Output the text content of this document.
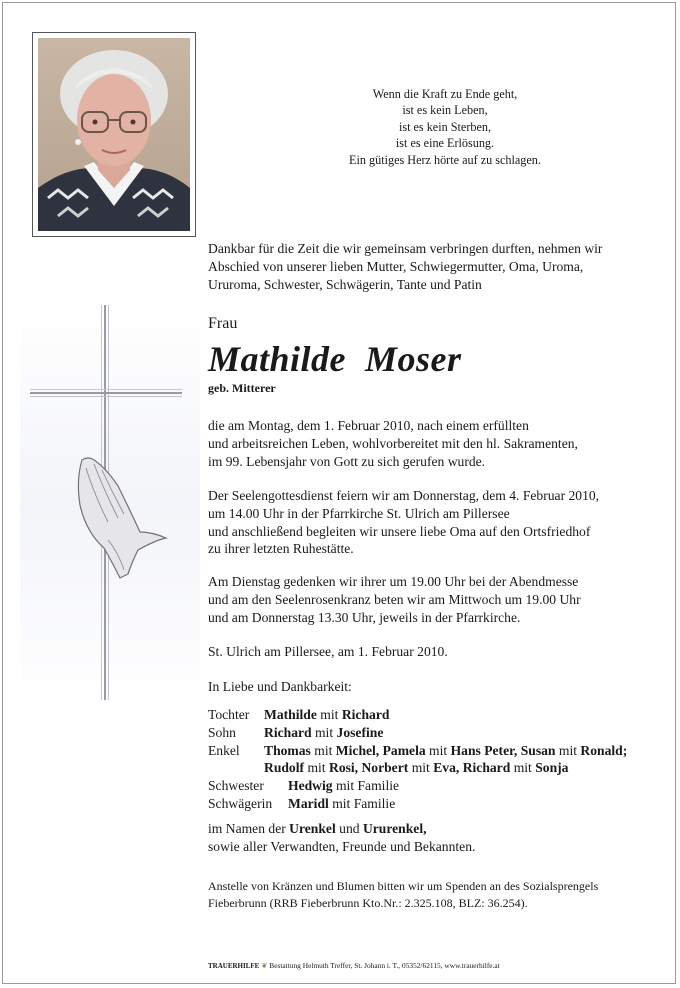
Wenn die Kraft zu Ende geht,
ist es kein Leben,
ist es kein Sterben,
ist es eine Erlösung.
Ein gütiges Herz hörte auf zu schlagen.
Dankbar für die Zeit die wir gemeinsam verbringen durften, nehmen wir
Abschied von unserer lieben Mutter, Schwiegermutter, Oma, Uroma,
Ururoma, Schwester, Schwägerin, Tante und Patin
Frau
Mathilde  Moser
geb. Mitterer
die am Montag, dem 1. Februar 2010, nach einem erfüllten
und arbeitsreichen Leben, wohlvorbereitet mit den hl. Sakramenten,
im 99. Lebensjahr von Gott zu sich gerufen wurde.
Der Seelengottesdienst feiern wir am Donnerstag, dem 4. Februar 2010,
um 14.00 Uhr in der Pfarrkirche St. Ulrich am Pillersee
und anschließend begleiten wir unsere liebe Oma auf den Ortsfriedhof
zu ihrer letzten Ruhestätte.
Am Dienstag gedenken wir ihrer um 19.00 Uhr bei der Abendmesse
und am den Seelenrosenkranz beten wir am Mittwoch um 19.00 Uhr
und am Donnerstag 13.30 Uhr, jeweils in der Pfarrkirche.
St. Ulrich am Pillersee, am 1. Februar 2010.
In Liebe und Dankbarkeit:
Tochter Mathilde mit Richard
Sohn Richard mit Josefine
Enkel Thomas mit Michel, Pamela mit Hans Peter, Susan mit Ronald;
Rudolf mit Rosi, Norbert mit Eva, Richard mit Sonja
Schwester Hedwig mit Familie
Schwägerin Maridl mit Familie
im Namen der Urenkel und Ururenkel,
sowie aller Verwandten, Freunde und Bekannten.
Anstelle von Kränzen und Blumen bitten wir um Spenden an des Sozialsprengels
Fieberbrunn (RRB Fieberbrunn Kto.Nr.: 2.325.108, BLZ: 36.254).
TRAUERHILFE ❦ Bestattung Helmuth Treffer, St. Johann i. T., 05352/62115, www.trauerhilfe.at
